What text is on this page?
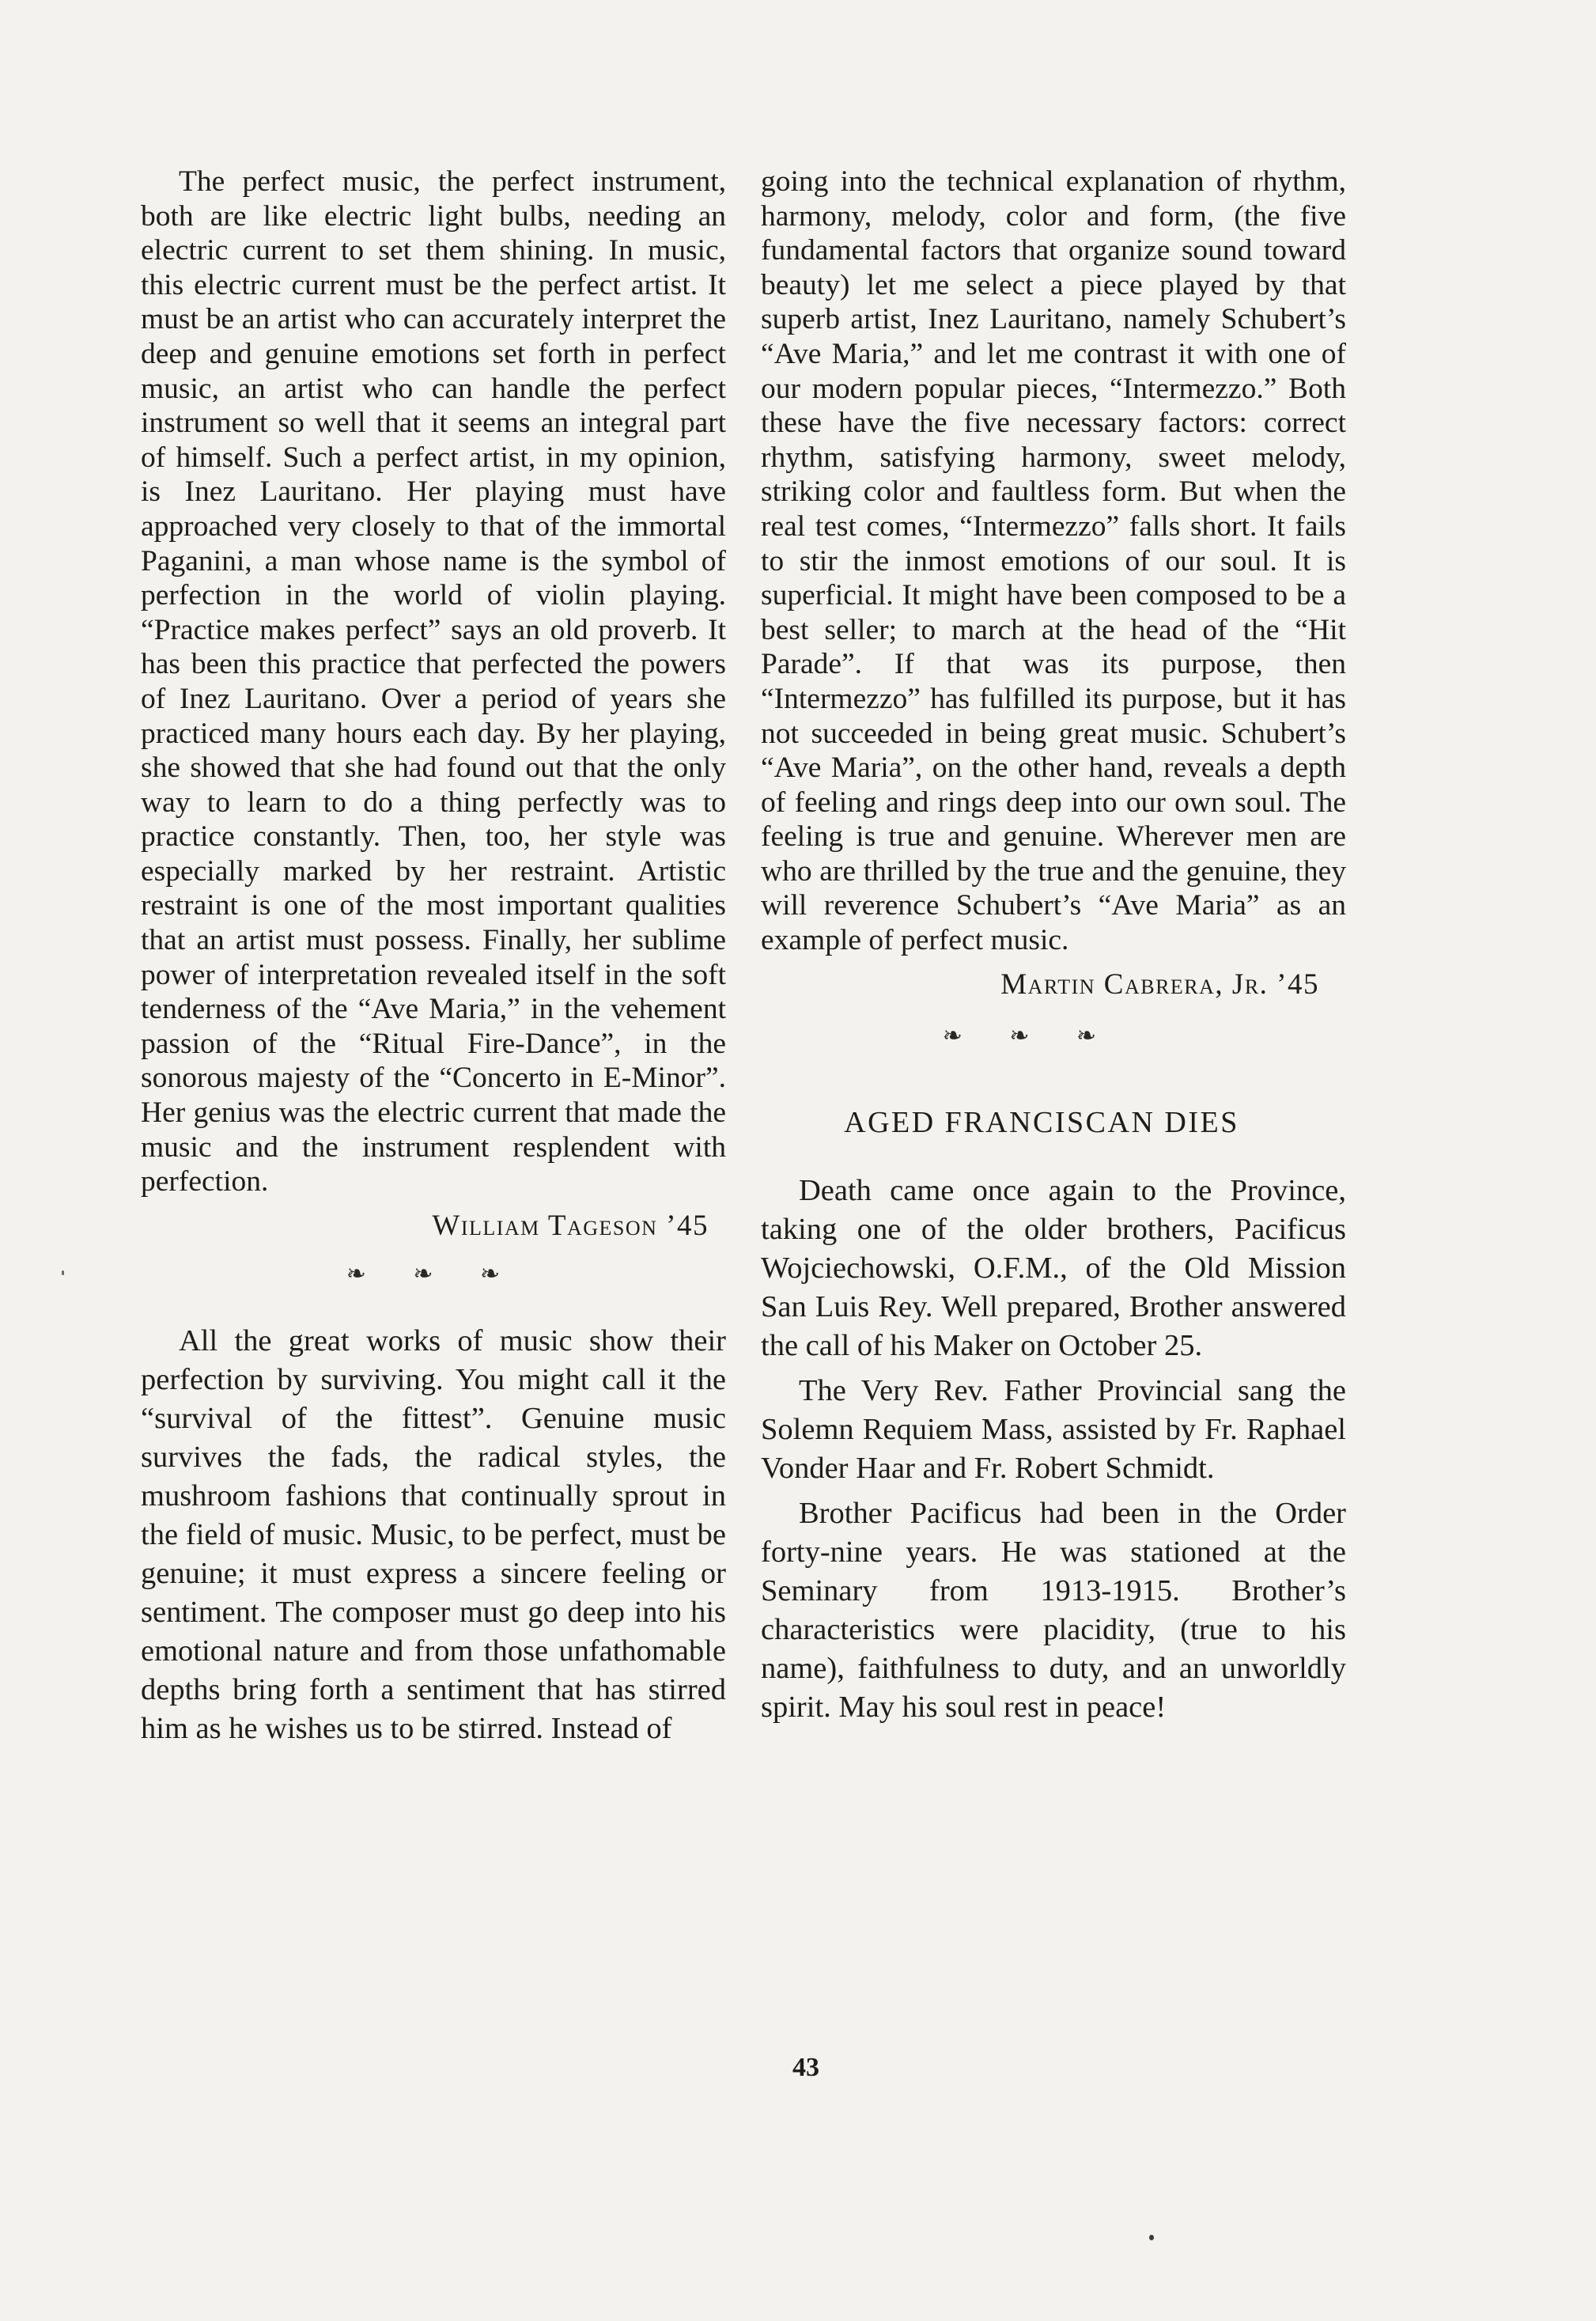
The perfect music, the perfect instrument, both are like electric light bulbs, needing an electric current to set them shining. In music, this electric current must be the perfect artist. It must be an artist who can accurately interpret the deep and genuine emotions set forth in perfect music, an artist who can handle the perfect instrument so well that it seems an integral part of himself. Such a perfect artist, in my opinion, is Inez Lauritano. Her playing must have approached very closely to that of the immortal Paganini, a man whose name is the symbol of perfection in the world of violin playing. “Practice makes perfect” says an old proverb. It has been this practice that perfected the powers of Inez Lauritano. Over a period of years she practiced many hours each day. By her playing, she showed that she had found out that the only way to learn to do a thing perfectly was to practice constantly. Then, too, her style was especially marked by her restraint. Artistic restraint is one of the most important qualities that an artist must possess. Finally, her sublime power of interpretation revealed itself in the soft tenderness of the “Ave Maria,” in the vehement passion of the “Ritual Fire-Dance”, in the sonorous majesty of the “Concerto in E-Minor”. Her genius was the electric current that made the music and the instrument resplendent with perfection.

William Tageson ’45

❧ ❧ ❧

All the great works of music show their perfection by surviving. You might call it the “survival of the fittest”. Genuine music survives the fads, the radical styles, the mushroom fashions that continually sprout in the field of music. Music, to be perfect, must be genuine; it must express a sincere feeling or sentiment. The composer must go deep into his emotional nature and from those unfathomable depths bring forth a sentiment that has stirred him as he wishes us to be stirred. Instead of

going into the technical explanation of rhythm, harmony, melody, color and form, (the five fundamental factors that organize sound toward beauty) let me select a piece played by that superb artist, Inez Lauritano, namely Schubert’s “Ave Maria,” and let me contrast it with one of our modern popular pieces, “Intermezzo.” Both these have the five necessary factors: correct rhythm, satisfying harmony, sweet melody, striking color and faultless form. But when the real test comes, “Intermezzo” falls short. It fails to stir the inmost emotions of our soul. It is superficial. It might have been composed to be a best seller; to march at the head of the “Hit Parade”. If that was its purpose, then “Intermezzo” has fulfilled its purpose, but it has not succeeded in being great music. Schubert’s “Ave Maria”, on the other hand, reveals a depth of feeling and rings deep into our own soul. The feeling is true and genuine. Wherever men are who are thrilled by the true and the genuine, they will reverence Schubert’s “Ave Maria” as an example of perfect music.

Martin Cabrera, Jr. ’45

❧ ❧ ❧

AGED FRANCISCAN DIES

Death came once again to the Province, taking one of the older brothers, Pacificus Wojciechowski, O.F.M., of the Old Mission San Luis Rey. Well prepared, Brother answered the call of his Maker on October 25.

The Very Rev. Father Provincial sang the Solemn Requiem Mass, assisted by Fr. Raphael Vonder Haar and Fr. Robert Schmidt.

Brother Pacificus had been in the Order forty-nine years. He was stationed at the Seminary from 1913-1915. Brother’s characteristics were placidity, (true to his name), faithfulness to duty, and an unworldly spirit. May his soul rest in peace!

43
